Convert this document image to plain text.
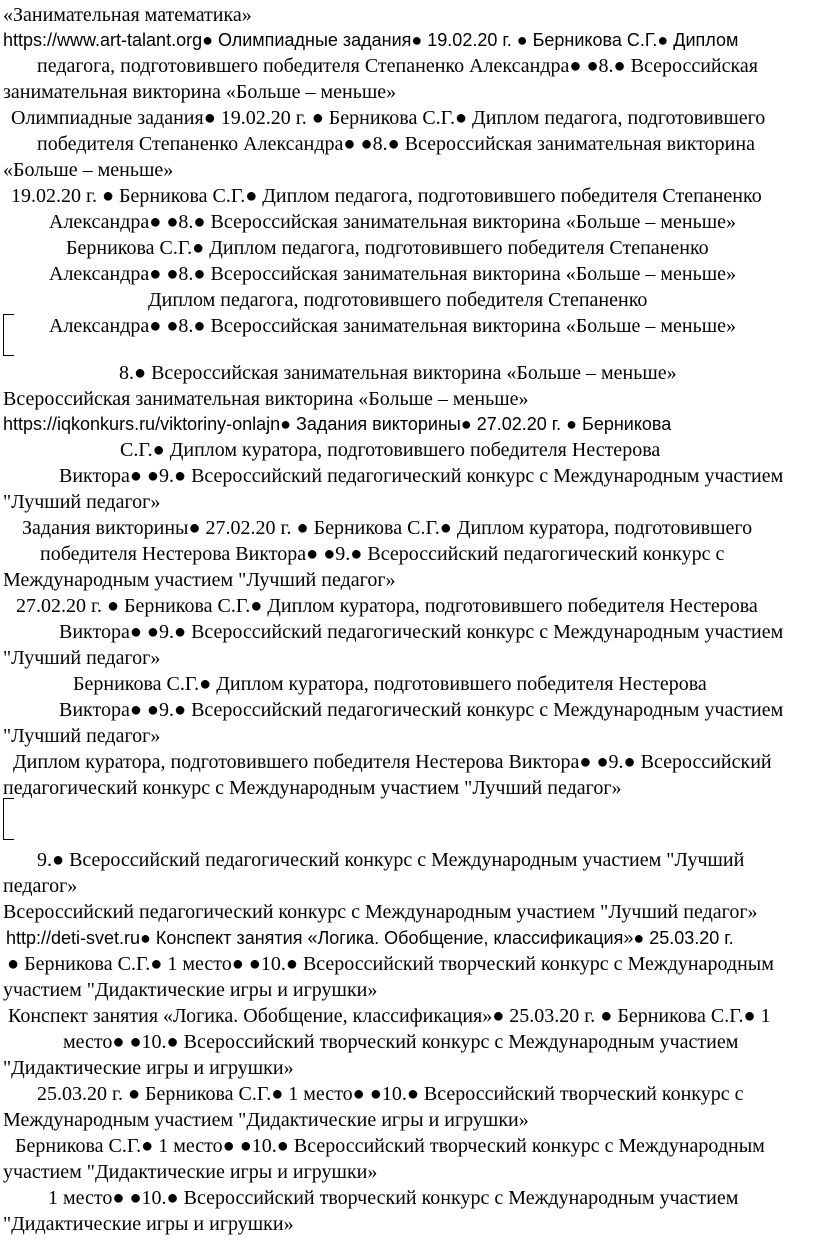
«Занимательная математика»
https://www.art-talant.org● Олимпиадные задания● 19.02.20 г. ● Берникова С.Г.● Диплом
педагога, подготовившего победителя Степаненко Александра● ●8.● Всероссийская
занимательная викторина «Больше – меньше»
Олимпиадные задания● 19.02.20 г. ● Берникова С.Г.● Диплом педагога, подготовившего
победителя Степаненко Александра● ●8.● Всероссийская занимательная викторина
«Больше – меньше»
19.02.20 г. ● Берникова С.Г.● Диплом педагога, подготовившего победителя Степаненко
Александра● ●8.● Всероссийская занимательная викторина «Больше – меньше»
Берникова С.Г.● Диплом педагога, подготовившего победителя Степаненко
Александра● ●8.● Всероссийская занимательная викторина «Больше – меньше»
Диплом педагога, подготовившего победителя Степаненко
Александра● ●8.● Всероссийская занимательная викторина «Больше – меньше»
8.● Всероссийская занимательная викторина «Больше – меньше»
Всероссийская занимательная викторина «Больше – меньше»
https://iqkonkurs.ru/viktoriny-onlajn● Задания викторины● 27.02.20 г. ● Берникова
С.Г.● Диплом куратора, подготовившего победителя Нестерова
Виктора● ●9.● Всероссийский педагогический конкурс с Международным участием
"Лучший педагог»
Задания викторины● 27.02.20 г. ● Берникова С.Г.● Диплом куратора, подготовившего
победителя Нестерова Виктора● ●9.● Всероссийский педагогический конкурс с
Международным участием "Лучший педагог»
27.02.20 г. ● Берникова С.Г.● Диплом куратора, подготовившего победителя Нестерова
Виктора● ●9.● Всероссийский педагогический конкурс с Международным участием
"Лучший педагог»
Берникова С.Г.● Диплом куратора, подготовившего победителя Нестерова
Виктора● ●9.● Всероссийский педагогический конкурс с Международным участием
"Лучший педагог»
Диплом куратора, подготовившего победителя Нестерова Виктора● ●9.● Всероссийский
педагогический конкурс с Международным участием "Лучший педагог»
9.● Всероссийский педагогический конкурс с Международным участием "Лучший
педагог»
Всероссийский педагогический конкурс с Международным участием "Лучший педагог»
http://deti-svet.ru● Конспект занятия «Логика. Обобщение, классификация»● 25.03.20 г.
● Берникова С.Г.● 1 место● ●10.● Всероссийский творческий конкурс с Международным
участием "Дидактические игры и игрушки»
Конспект занятия «Логика. Обобщение, классификация»● 25.03.20 г. ● Берникова С.Г.● 1
место● ●10.● Всероссийский творческий конкурс с Международным участием
"Дидактические игры и игрушки»
25.03.20 г. ● Берникова С.Г.● 1 место● ●10.● Всероссийский творческий конкурс с
Международным участием "Дидактические игры и игрушки»
Берникова С.Г.● 1 место● ●10.● Всероссийский творческий конкурс с Международным
участием "Дидактические игры и игрушки»
1 место● ●10.● Всероссийский творческий конкурс с Международным участием
"Дидактические игры и игрушки»
